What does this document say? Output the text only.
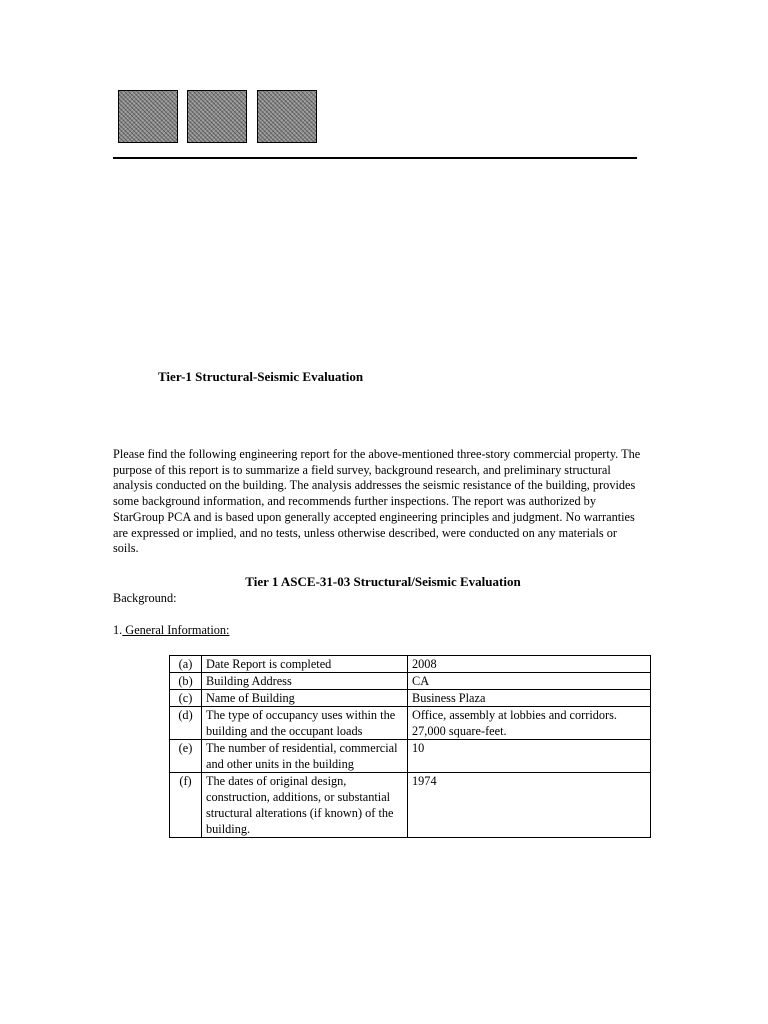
Tier-1 Structural-Seismic Evaluation
Please find the following engineering report for the above-mentioned three-story commercial property. The purpose of this report is to summarize a field survey, background research, and preliminary structural analysis conducted on the building. The analysis addresses the seismic resistance of the building, provides some background information, and recommends further inspections. The report was authorized by StarGroup PCA and is based upon generally accepted engineering principles and judgment. No warranties are expressed or implied, and no tests, unless otherwise described, were conducted on any materials or soils.
Tier 1 ASCE-31-03 Structural/Seismic Evaluation
Background:
1. General Information:
(a)	Date Report is completed	2008
(b)	Building Address	CA
(c)	Name of Building	Business Plaza
(d)	The type of occupancy uses within the building and the occupant loads	Office, assembly at lobbies and corridors. 27,000 square-feet.
(e)	The number of residential, commercial and other units in the building	10
(f)	The dates of original design, construction, additions, or substantial structural alterations (if known) of the building.	1974
